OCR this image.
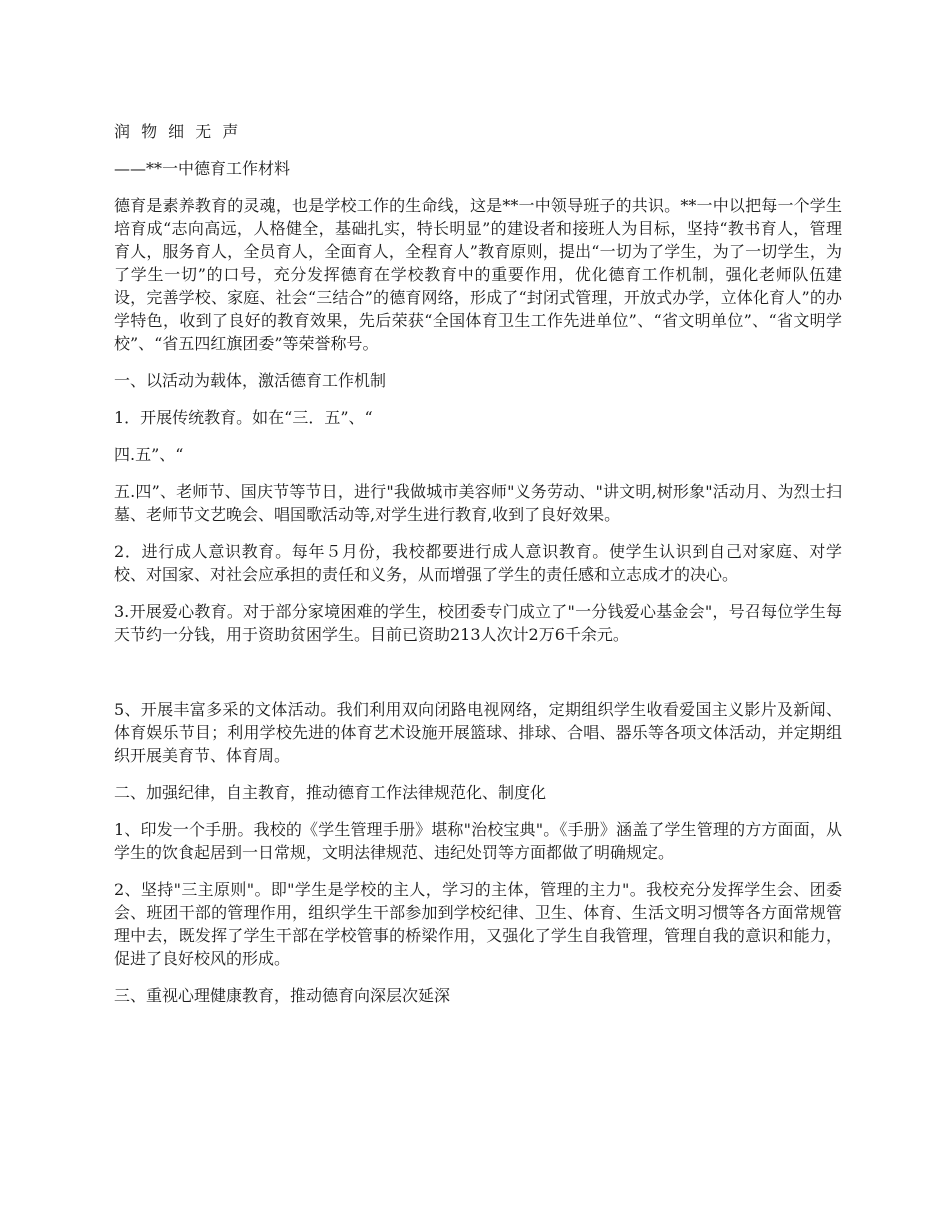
润 物 细 无 声

——**一中德育工作材料

德育是素养教育的灵魂，也是学校工作的生命线，这是**一中领导班子的共识。**一中以把每一个学生培育成“志向高远，人格健全，基础扎实，特长明显”的建设者和接班人为目标，坚持“教书育人，管理育人，服务育人，全员育人，全面育人，全程育人”教育原则，提出“一切为了学生，为了一切学生，为了学生一切”的口号，充分发挥德育在学校教育中的重要作用，优化德育工作机制，强化老师队伍建设，完善学校、家庭、社会“三结合”的德育网络，形成了“封闭式管理，开放式办学，立体化育人”的办学特色，收到了良好的教育效果，先后荣获“全国体育卫生工作先进单位”、“省文明单位”、“省文明学校”、“省五四红旗团委”等荣誉称号。

一、以活动为载体，激活德育工作机制

1．开展传统教育。如在“三．五”、“

四.五”、“

五.四”、老师节、国庆节等节日，进行"我做城市美容师"义务劳动、"讲文明,树形象"活动月、为烈士扫墓、老师节文艺晚会、唱国歌活动等,对学生进行教育,收到了良好效果。

2．进行成人意识教育。每年５月份，我校都要进行成人意识教育。使学生认识到自己对家庭、对学校、对国家、对社会应承担的责任和义务，从而增强了学生的责任感和立志成才的决心。

3.开展爱心教育。对于部分家境困难的学生，校团委专门成立了"一分钱爱心基金会"，号召每位学生每天节约一分钱，用于资助贫困学生。目前已资助213人次计2万6千余元。

5、开展丰富多采的文体活动。我们利用双向闭路电视网络，定期组织学生收看爱国主义影片及新闻、体育娱乐节目；利用学校先进的体育艺术设施开展篮球、排球、合唱、器乐等各项文体活动，并定期组织开展美育节、体育周。

二、加强纪律，自主教育，推动德育工作法律规范化、制度化

1、印发一个手册。我校的《学生管理手册》堪称"治校宝典"。《手册》涵盖了学生管理的方方面面，从学生的饮食起居到一日常规，文明法律规范、违纪处罚等方面都做了明确规定。

2、坚持"三主原则"。即"学生是学校的主人，学习的主体，管理的主力"。我校充分发挥学生会、团委会、班团干部的管理作用，组织学生干部参加到学校纪律、卫生、体育、生活文明习惯等各方面常规管理中去，既发挥了学生干部在学校管事的桥梁作用，又强化了学生自我管理，管理自我的意识和能力，促进了良好校风的形成。

三、重视心理健康教育，推动德育向深层次延深
